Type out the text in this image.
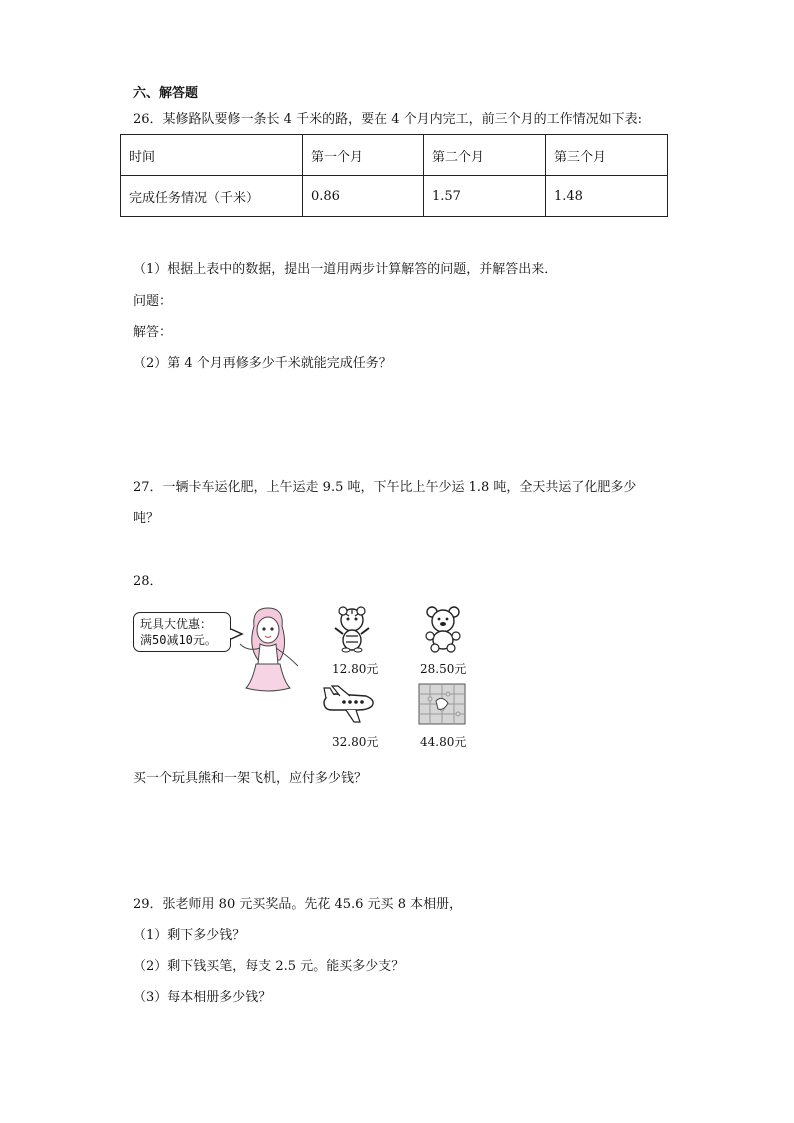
六、解答题
26．某修路队要修一条长 4 千米的路，要在 4 个月内完工，前三个月的工作情况如下表:
时间	第一个月	第二个月	第三个月
完成任务情况（千米）	0.86	1.57	1.48
（1）根据上表中的数据，提出一道用两步计算解答的问题，并解答出来．
问题：
解答：
（2）第 4 个月再修多少千米就能完成任务？
27．一辆卡车运化肥，上午运走 9.5 吨，下午比上午少运 1.8 吨，全天共运了化肥多少
吨？
28．
玩具大优惠：
满50减10元。
12.80元	28.50元
32.80元	44.80元
买一个玩具熊和一架飞机，应付多少钱？
29．张老师用 80 元买奖品。先花 45.6 元买 8 本相册，
（1）剩下多少钱？
（2）剩下钱买笔，每支 2.5 元。能买多少支？
（3）每本相册多少钱？
